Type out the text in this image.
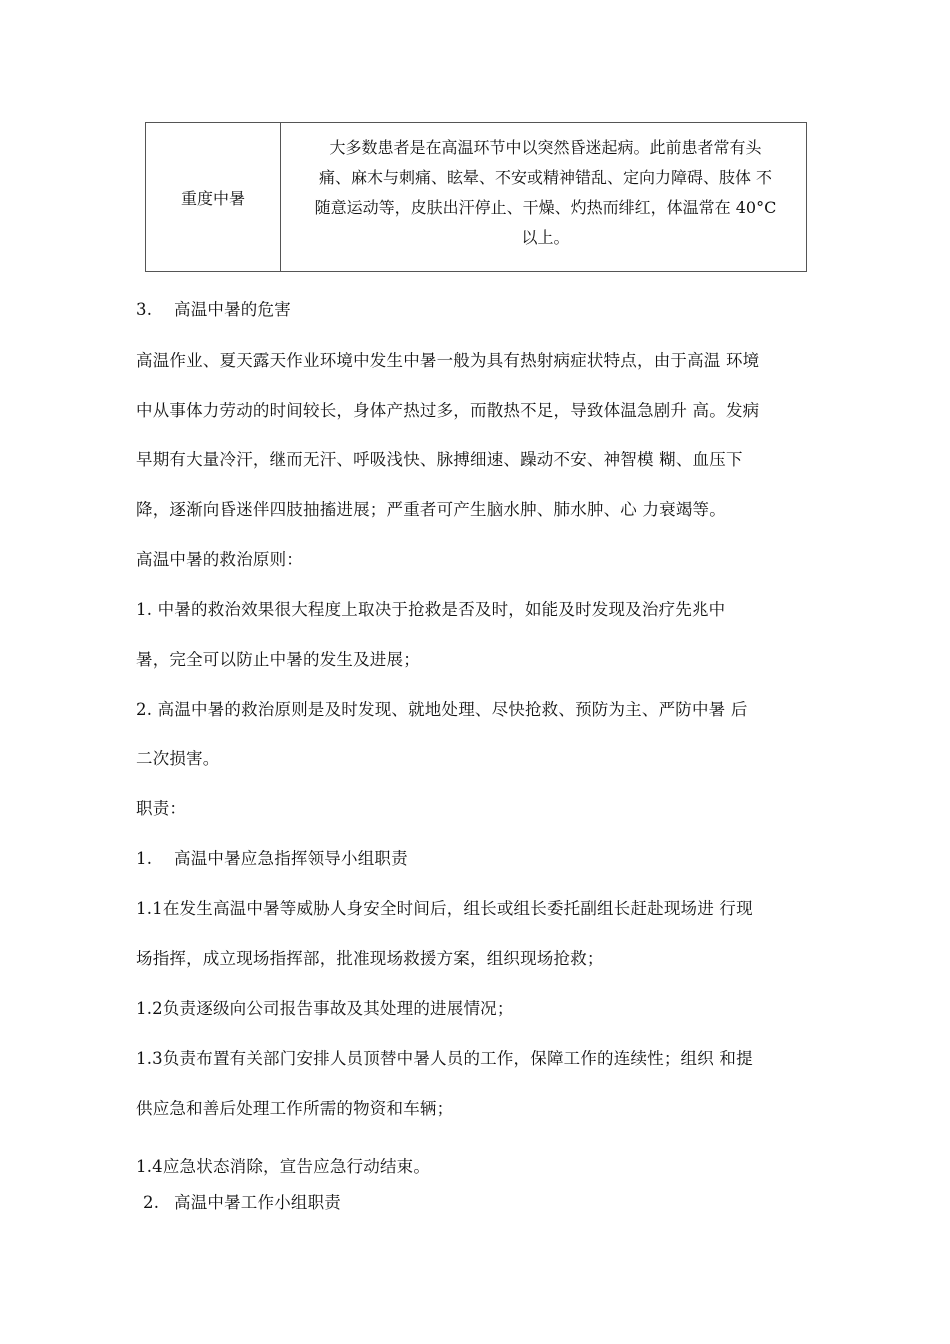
重度中暑
大多数患者是在高温环节中以突然昏迷起病。此前患者常有头
痛、麻木与刺痛、眩晕、不安或精神错乱、定向力障碍、肢体 不
随意运动等，皮肤出汗停止、干燥、灼热而绯红，体温常在 40°C
以上。
3. 高温中暑的危害
高温作业、夏天露天作业环境中发生中暑一般为具有热射病症状特点，由于高温 环境
中从事体力劳动的时间较长，身体产热过多，而散热不足，导致体温急剧升 高。发病
早期有大量冷汗，继而无汗、呼吸浅快、脉搏细速、躁动不安、神智模 糊、血压下
降，逐渐向昏迷伴四肢抽搐进展；严重者可产生脑水肿、肺水肿、心 力衰竭等。
高温中暑的救治原则：
1. 中暑的救治效果很大程度上取决于抢救是否及时，如能及时发现及治疗先兆中
暑，完全可以防止中暑的发生及进展；
2. 高温中暑的救治原则是及时发现、就地处理、尽快抢救、预防为主、严防中暑 后
二次损害。
职责：
1. 高温中暑应急指挥领导小组职责
1.1在发生高温中暑等威胁人身安全时间后，组长或组长委托副组长赶赴现场进 行现
场指挥，成立现场指挥部，批准现场救援方案，组织现场抢救；
1.2负责逐级向公司报告事故及其处理的进展情况；
1.3负责布置有关部门安排人员顶替中暑人员的工作，保障工作的连续性；组织 和提
供应急和善后处理工作所需的物资和车辆；
1.4应急状态消除，宣告应急行动结束。
2. 高温中暑工作小组职责
